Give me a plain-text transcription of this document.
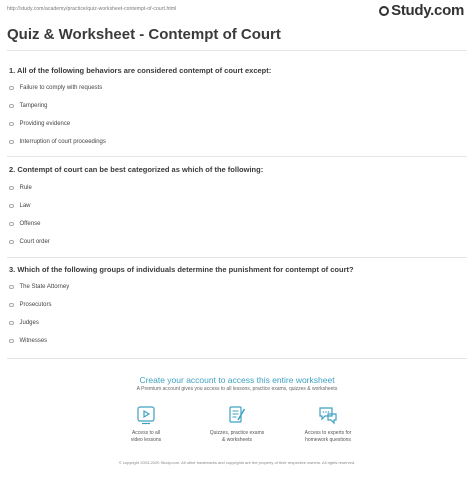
http://study.com/academy/practice/quiz-worksheet-contempt-of-court.html	Study.com
Quiz & Worksheet - Contempt of Court
1. All of the following behaviors are considered contempt of court except:
Failure to comply with requests
Tampering
Providing evidence
Interruption of court proceedings
2. Contempt of court can be best categorized as which of the following:
Rule
Law
Offense
Court order
3. Which of the following groups of individuals determine the punishment for contempt of court?
The State Attorney
Prosecutors
Judges
Witnesses
Create your account to access this entire worksheet
A Premium account gives you access to all lessons, practice exams, quizzes & worksheets
Access to all
video lessons
Quizzes, practice exams
& worksheets
Access to experts for
homework questions
© copyright 2003-2020 Study.com. All other trademarks and copyrights are the property of their respective owners. All rights reserved.
